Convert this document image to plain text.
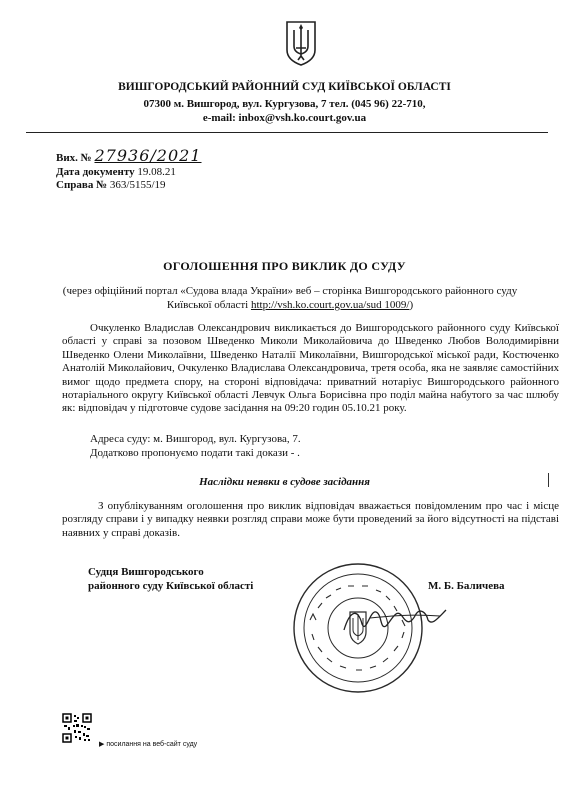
ВИШГОРОДСЬКИЙ РАЙОННИЙ СУД КИЇВСЬКОЇ ОБЛАСТІ
07300 м. Вишгород, вул. Кургузова, 7 тел. (045 96) 22-710,
e-mail: inbox@vsh.ko.court.gov.ua
Вих. № 27936/2021
Дата документу 19.08.21
Справа № 363/5155/19
ОГОЛОШЕННЯ ПРО ВИКЛИК ДО СУДУ
(через офіційний портал «Судова влада України» веб – сторінка Вишгородського районного суду Київської області http://vsh.ko.court.gov.ua/sud 1009/)
Очкуленко Владислав Олександрович викликається до Вишгородського районного суду Київської області у справі за позовом Шведенко Миколи Миколайовича до Шведенко Любов Володимирівни Шведенко Олени Миколаївни, Шведенко Наталії Миколаївни, Вишгородської міської ради, Костюченко Анатолій Миколайович, Очкуленко Владислава Олександровича, третя особа, яка не заявляє самостійних вимог щодо предмета спору, на стороні відповідача: приватний нотаріус Вишгородського районного нотаріального округу Київської області Левчук Ольга Борисівна про поділ майна набутого за час шлюбу як: відповідач у підготовче судове засідання на 09:20 годин 05.10.21 року.
Адреса суду: м. Вишгород, вул. Кургузова, 7.
Додатково пропонуємо подати такі докази - .
Наслідки неявки в судове засідання
З опублікуванням оголошення про виклик відповідач вважається повідомленим про час і місце розгляду справи і у випадку неявки розгляд справи може бути проведений за його відсутності на підставі наявних у справі доказів.
Судця Вишгородського
районного суду Київської області	М. Б. Баличева
▶ посилання на веб-сайт суду
